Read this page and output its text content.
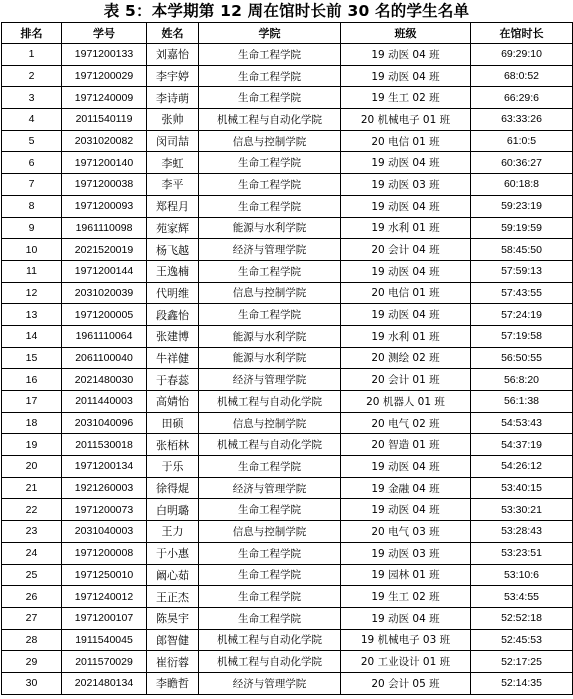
表 5：本学期第 12 周在馆时长前 30 名的学生名单
排名	学号	姓名	学院	班级	在馆时长
1	1971200133	刘嘉怡	生命工程学院	19 动医 04 班	69:29:10
2	1971200029	李宇婷	生命工程学院	19 动医 04 班	68:0:52
3	1971240009	李诗萌	生命工程学院	19 生工 02 班	66:29:6
4	2011540119	张帅	机械工程与自动化学院	20 机械电子 01 班	63:33:26
5	2031020082	闵司喆	信息与控制学院	20 电信 01 班	61:0:5
6	1971200140	李虹	生命工程学院	19 动医 04 班	60:36:27
7	1971200038	李平	生命工程学院	19 动医 03 班	60:18:8
8	1971200093	郑程月	生命工程学院	19 动医 04 班	59:23:19
9	1961110098	苑家辉	能源与水利学院	19 水利 01 班	59:19:59
10	2021520019	杨飞越	经济与管理学院	20 会计 04 班	58:45:50
11	1971200144	王逸楠	生命工程学院	19 动医 04 班	57:59:13
12	2031020039	代明维	信息与控制学院	20 电信 01 班	57:43:55
13	1971200005	段鑫怡	生命工程学院	19 动医 04 班	57:24:19
14	1961110064	张建博	能源与水利学院	19 水利 01 班	57:19:58
15	2061100040	牛祥健	能源与水利学院	20 测绘 02 班	56:50:55
16	2021480030	于春蕊	经济与管理学院	20 会计 01 班	56:8:20
17	2011440003	高婧怡	机械工程与自动化学院	20 机器人 01 班	56:1:38
18	2031040096	田硕	信息与控制学院	20 电气 02 班	54:53:43
19	2011530018	张栢林	机械工程与自动化学院	20 智造 01 班	54:37:19
20	1971200134	于乐	生命工程学院	19 动医 04 班	54:26:12
21	1921260003	徐得焜	经济与管理学院	19 金融 04 班	53:40:15
22	1971200073	白明璐	生命工程学院	19 动医 04 班	53:30:21
23	2031040003	王力	信息与控制学院	20 电气 03 班	53:28:43
24	1971200008	于小惠	生命工程学院	19 动医 03 班	53:23:51
25	1971250010	阚心茹	生命工程学院	19 园林 01 班	53:10:6
26	1971240012	王正杰	生命工程学院	19 生工 02 班	53:4:55
27	1971200107	陈昊宇	生命工程学院	19 动医 04 班	52:52:18
28	1911540045	郎智健	机械工程与自动化学院	19 机械电子 03 班	52:45:53
29	2011570029	崔衍蓉	机械工程与自动化学院	20 工业设计 01 班	52:17:25
30	2021480134	李瞻哲	经济与管理学院	20 会计 05 班	52:14:35
